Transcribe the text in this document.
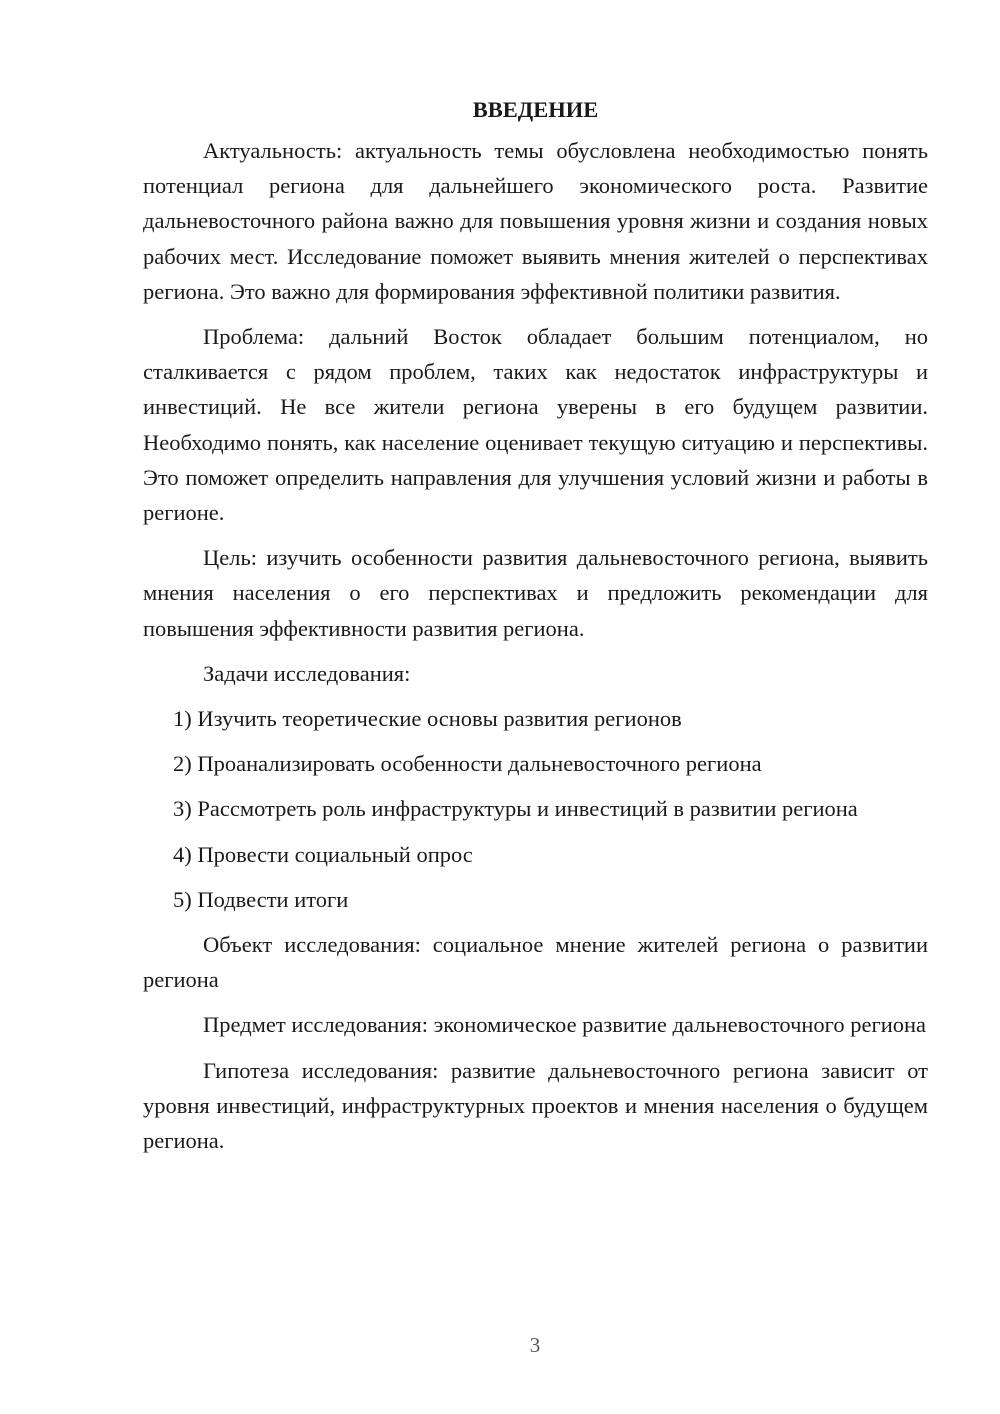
ВВЕДЕНИЕ

Актуальность: актуальность темы обусловлена необходимостью понять потенциал региона для дальнейшего экономического роста. Развитие дальневосточного района важно для повышения уровня жизни и создания новых рабочих мест. Исследование поможет выявить мнения жителей о перспективах региона. Это важно для формирования эффективной политики развития.

Проблема: дальний Восток обладает большим потенциалом, но сталкивается с рядом проблем, таких как недостаток инфраструктуры и инвестиций. Не все жители региона уверены в его будущем развитии. Необходимо понять, как население оценивает текущую ситуацию и перспективы. Это поможет определить направления для улучшения условий жизни и работы в регионе.

Цель: изучить особенности развития дальневосточного региона, выявить мнения населения о его перспективах и предложить рекомендации для повышения эффективности развития региона.

Задачи исследования:

1) Изучить теоретические основы развития регионов

2) Проанализировать особенности дальневосточного региона

3) Рассмотреть роль инфраструктуры и инвестиций в развитии региона

4) Провести социальный опрос

5) Подвести итоги

Объект исследования: социальное мнение жителей региона о развитии региона

Предмет исследования: экономическое развитие дальневосточного региона

Гипотеза исследования: развитие дальневосточного региона зависит от уровня инвестиций, инфраструктурных проектов и мнения населения о будущем региона.

3
